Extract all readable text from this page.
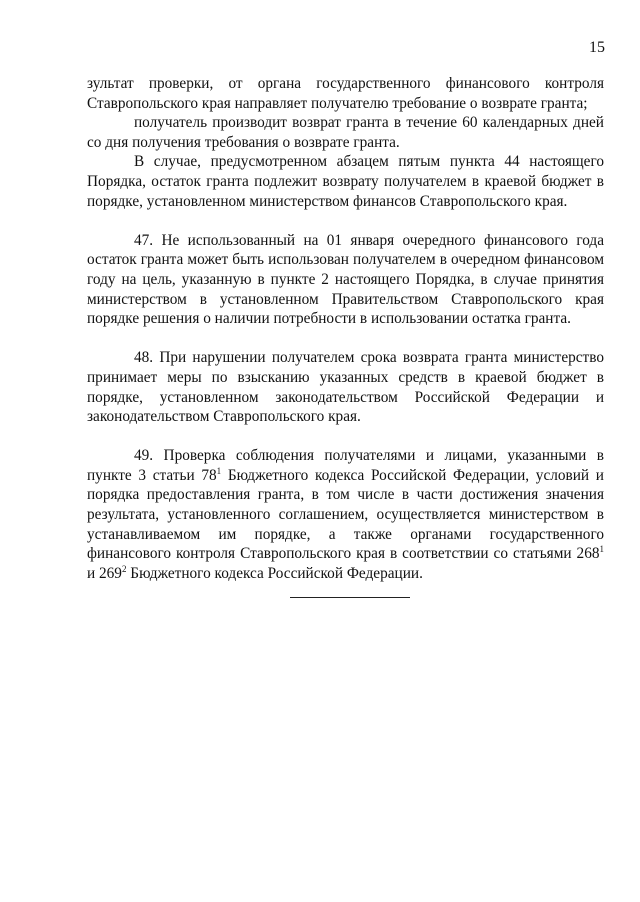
15

зультат проверки, от органа государственного финансового контроля Ставропольского края направляет получателю требование о возврате гранта;

получатель производит возврат гранта в течение 60 календарных дней со дня получения требования о возврате гранта.

В случае, предусмотренном абзацем пятым пункта 44 настоящего Порядка, остаток гранта подлежит возврату получателем в краевой бюджет в порядке, установленном министерством финансов Ставропольского края.

47. Не использованный на 01 января очередного финансового года остаток гранта может быть использован получателем в очередном финансовом году на цель, указанную в пункте 2 настоящего Порядка, в случае принятия министерством в установленном Правительством Ставропольского края порядке решения о наличии потребности в использовании остатка гранта.

48. При нарушении получателем срока возврата гранта министерство принимает меры по взысканию указанных средств в краевой бюджет в порядке, установленном законодательством Российской Федерации и законодательством Ставропольского края.

49. Проверка соблюдения получателями и лицами, указанными в пункте 3 статьи $78^1$ Бюджетного кодекса Российской Федерации, условий и порядка предоставления гранта, в том числе в части достижения значения результата, установленного соглашением, осуществляется министерством в устанавливаемом им порядке, а также органами государственного финансового контроля Ставропольского края в соответствии со статьями $268^1$ и $269^2$ Бюджетного кодекса Российской Федерации.
